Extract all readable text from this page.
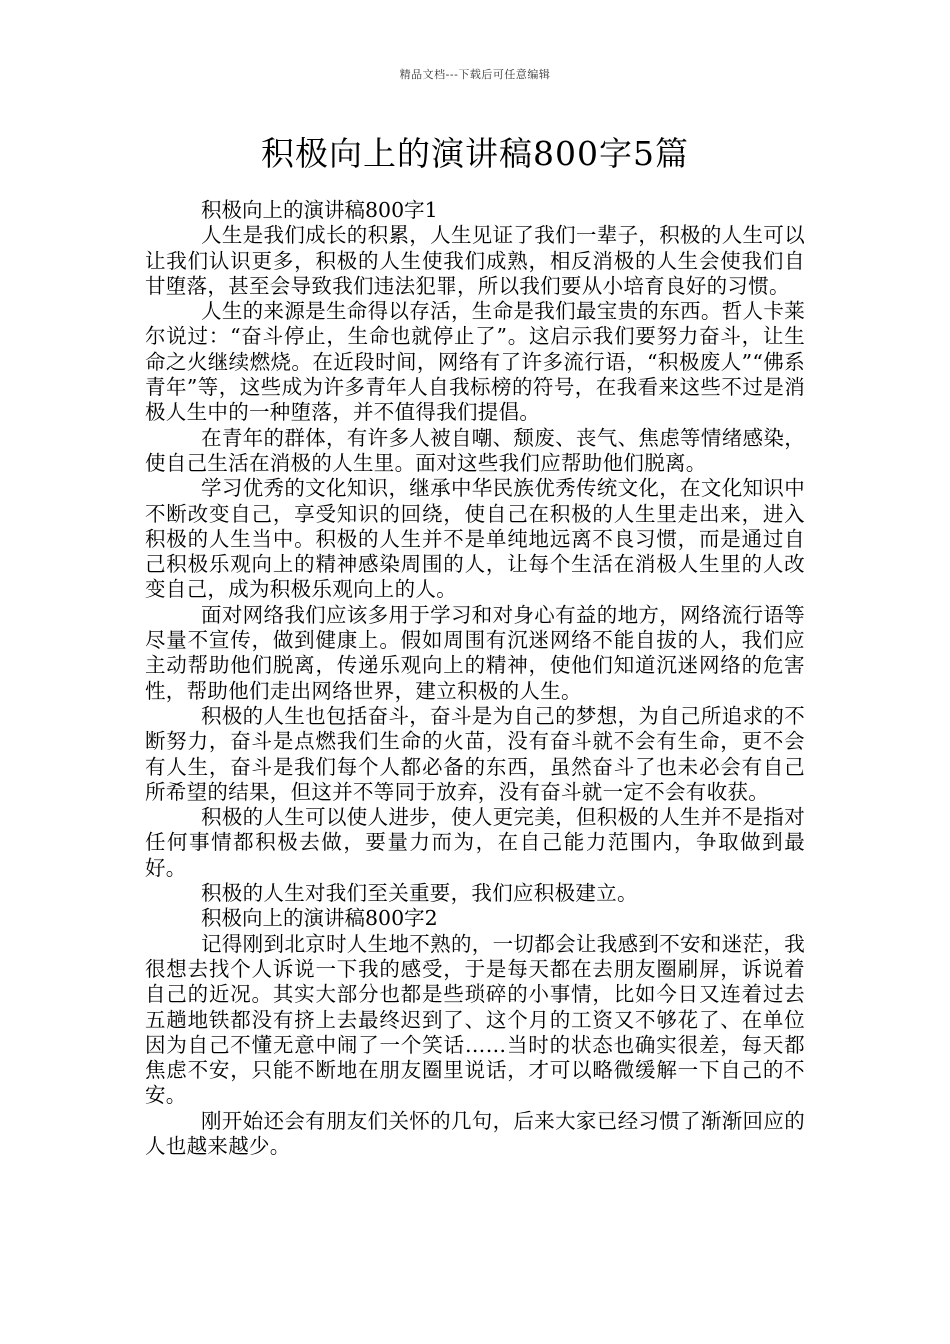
精品文档---下载后可任意编辑
积极向上的演讲稿800字5篇

积极向上的演讲稿800字1

人生是我们成长的积累，人生见证了我们一辈子，积极的人生可以让我们认识更多，积极的人生使我们成熟，相反消极的人生会使我们自甘堕落，甚至会导致我们违法犯罪，所以我们要从小培育良好的习惯。

人生的来源是生命得以存活，生命是我们最宝贵的东西。哲人卡莱尔说过：“奋斗停止，生命也就停止了”。这启示我们要努力奋斗，让生命之火继续燃烧。在近段时间，网络有了许多流行语，“积极废人”“佛系青年”等，这些成为许多青年人自我标榜的符号，在我看来这些不过是消极人生中的一种堕落，并不值得我们提倡。

在青年的群体，有许多人被自嘲、颓废、丧气、焦虑等情绪感染，使自己生活在消极的人生里。面对这些我们应帮助他们脱离。

学习优秀的文化知识，继承中华民族优秀传统文化，在文化知识中不断改变自己，享受知识的回绕，使自己在积极的人生里走出来，进入积极的人生当中。积极的人生并不是单纯地远离不良习惯，而是通过自己积极乐观向上的精神感染周围的人，让每个生活在消极人生里的人改变自己，成为积极乐观向上的人。

面对网络我们应该多用于学习和对身心有益的地方，网络流行语等尽量不宣传，做到健康上。假如周围有沉迷网络不能自拔的人，我们应主动帮助他们脱离，传递乐观向上的精神，使他们知道沉迷网络的危害性，帮助他们走出网络世界，建立积极的人生。

积极的人生也包括奋斗，奋斗是为自己的梦想，为自己所追求的不断努力，奋斗是点燃我们生命的火苗，没有奋斗就不会有生命，更不会有人生，奋斗是我们每个人都必备的东西，虽然奋斗了也未必会有自己所希望的结果，但这并不等同于放弃，没有奋斗就一定不会有收获。

积极的人生可以使人进步，使人更完美，但积极的人生并不是指对任何事情都积极去做，要量力而为，在自己能力范围内，争取做到最好。

积极的人生对我们至关重要，我们应积极建立。

积极向上的演讲稿800字2

记得刚到北京时人生地不熟的，一切都会让我感到不安和迷茫，我很想去找个人诉说一下我的感受，于是每天都在去朋友圈刷屏，诉说着自己的近况。其实大部分也都是些琐碎的小事情，比如今日又连着过去五趟地铁都没有挤上去最终迟到了、这个月的工资又不够花了、在单位因为自己不懂无意中闹了一个笑话……当时的状态也确实很差，每天都焦虑不安，只能不断地在朋友圈里说话，才可以略微缓解一下自己的不安。

刚开始还会有朋友们关怀的几句，后来大家已经习惯了渐渐回应的人也越来越少。
